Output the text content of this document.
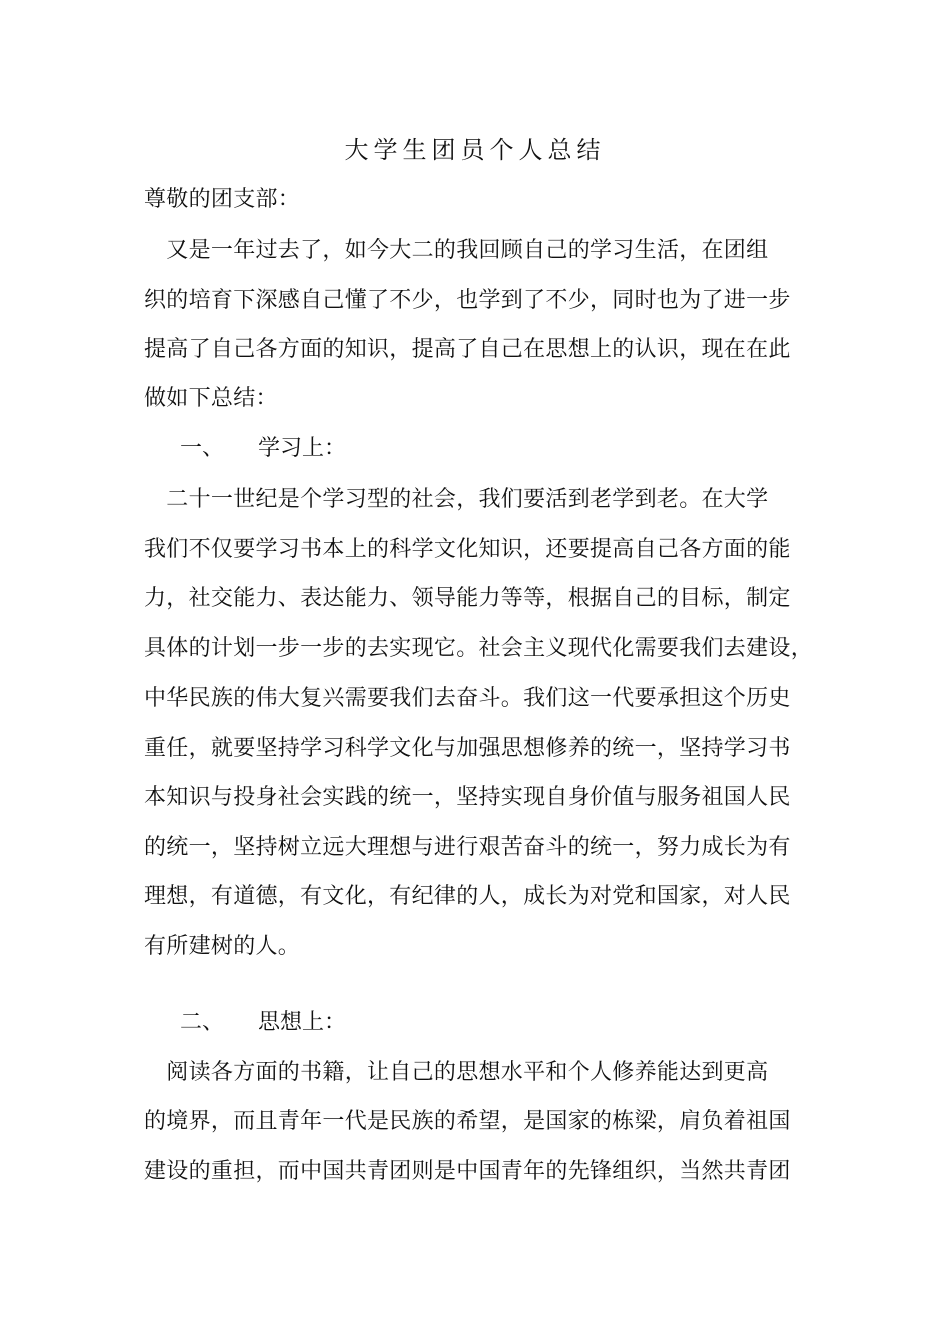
大学生团员个人总结
尊敬的团支部：
　又是一年过去了，如今大二的我回顾自己的学习生活，在团组
织的培育下深感自己懂了不少，也学到了不少，同时也为了进一步
提高了自己各方面的知识，提高了自己在思想上的认识，现在在此
做如下总结：
一、 学习上：
　二十一世纪是个学习型的社会，我们要活到老学到老。在大学
我们不仅要学习书本上的科学文化知识，还要提高自己各方面的能
力，社交能力、表达能力、领导能力等等，根据自己的目标，制定
具体的计划一步一步的去实现它。社会主义现代化需要我们去建设，
中华民族的伟大复兴需要我们去奋斗。我们这一代要承担这个历史
重任，就要坚持学习科学文化与加强思想修养的统一，坚持学习书
本知识与投身社会实践的统一，坚持实现自身价值与服务祖国人民
的统一，坚持树立远大理想与进行艰苦奋斗的统一，努力成长为有
理想，有道德，有文化，有纪律的人，成长为对党和国家，对人民
有所建树的人。
二、 思想上：
　阅读各方面的书籍，让自己的思想水平和个人修养能达到更高
的境界，而且青年一代是民族的希望，是国家的栋梁，肩负着祖国
建设的重担，而中国共青团则是中国青年的先锋组织，当然共青团
